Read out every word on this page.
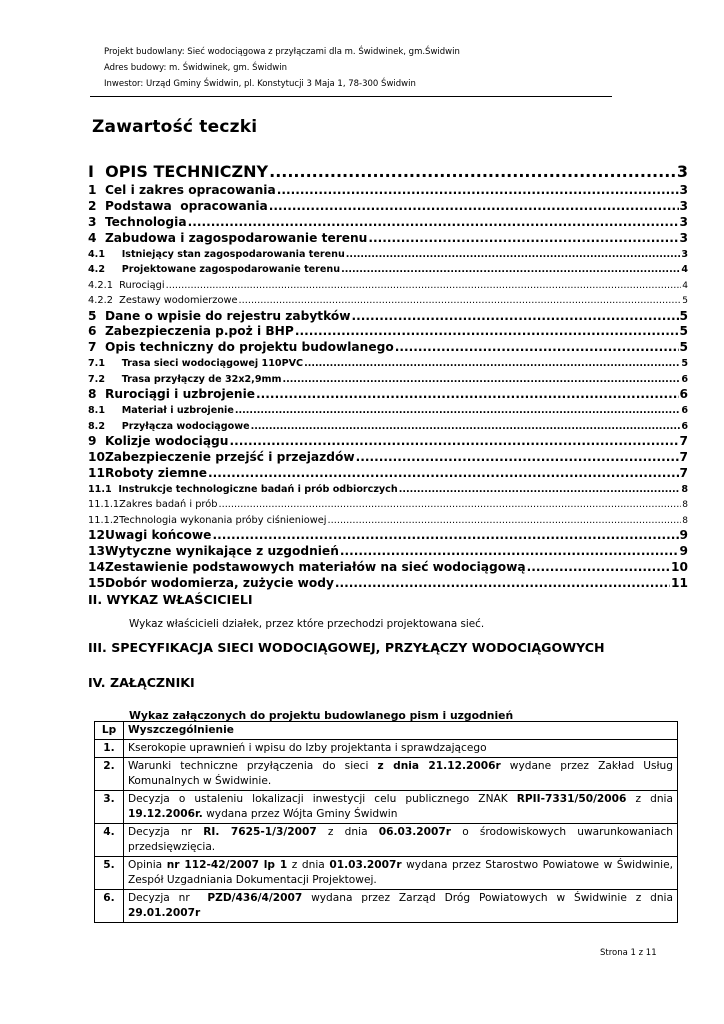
Projekt budowlany: Sieć wodociągowa z przyłączami dla m. Świdwinek, gm.Świdwin
Adres budowy: m. Świdwinek, gm. Świdwin
Inwestor: Urząd Gminy Świdwin, pl. Konstytucji 3 Maja 1, 78-300 Świdwin
Zawartość teczki
I  OPIS TECHNICZNY .....	3
1  Cel i zakres opracowania .....	3
2  Podstawa  opracowania .....	3
3  Technologia .....	3
4  Zabudowa i zagospodarowanie terenu .....	3
4.1     Istniejący stan zagospodarowania terenu .....	3
4.2     Projektowane zagospodarowanie terenu .....	4
4.2.1  Rurociągi .....	4
4.2.2  Zestawy wodomierzowe .....	5
5  Dane o wpisie do rejestru zabytków .....	5
6  Zabezpieczenia p.poż i BHP .....	5
7  Opis techniczny do projektu budowlanego .....	5
7.1     Trasa sieci wodociągowej 110PVC .....	5
7.2     Trasa przyłączy de 32x2,9mm .....	6
8  Rurociągi i uzbrojenie .....	6
8.1     Materiał i uzbrojenie .....	6
8.2     Przyłącza wodociągowe .....	6
9  Kolizje wodociągu .....	7
10Zabezpieczenie przejść i przejazdów .....	7
11Roboty ziemne .....	7
11.1  Instrukcje technologiczne badań i prób odbiorczych .....	8
11.1.1Zakres badań i prób .....	8
11.1.2Technologia wykonania próby ciśnieniowej .....	8
12Uwagi końcowe .....	9
13Wytyczne wynikające z uzgodnień .....	9
14Zestawienie podstawowych materiałów na sieć wodociągową .....	10
15Dobór wodomierza, zużycie wody .....	11
II. WYKAZ WŁAŚCICIELI
Wykaz właścicieli działek, przez które przechodzi projektowana sieć.
III. SPECYFIKACJA SIECI WODOCIĄGOWEJ, PRZYŁĄCZY WODOCIĄGOWYCH
IV. ZAŁĄCZNIKI
Wykaz załączonych do projektu budowlanego pism i uzgodnień
Lp	Wyszczególnienie
1.	Kserokopie uprawnień i wpisu do Izby projektanta i sprawdzającego
2.	Warunki techniczne przyłączenia do sieci z dnia 21.12.2006r wydane przez Zakład Usług Komunalnych w Świdwinie.
3.	Decyzja o ustaleniu lokalizacji inwestycji celu publicznego ZNAK RPII-7331/50/2006 z dnia 19.12.2006r. wydana przez Wójta Gminy Świdwin
4.	Decyzja nr RI. 7625-1/3/2007 z dnia 06.03.2007r o środowiskowych uwarunkowaniach przedsięwzięcia.
5.	Opinia nr 112-42/2007 lp 1 z dnia 01.03.2007r wydana przez Starostwo Powiatowe w Świdwinie, Zespół Uzgadniania Dokumentacji Projektowej.
6.	Decyzja nr  PZD/436/4/2007 wydana przez Zarząd Dróg Powiatowych w Świdwinie z dnia 29.01.2007r
Strona 1 z 11
